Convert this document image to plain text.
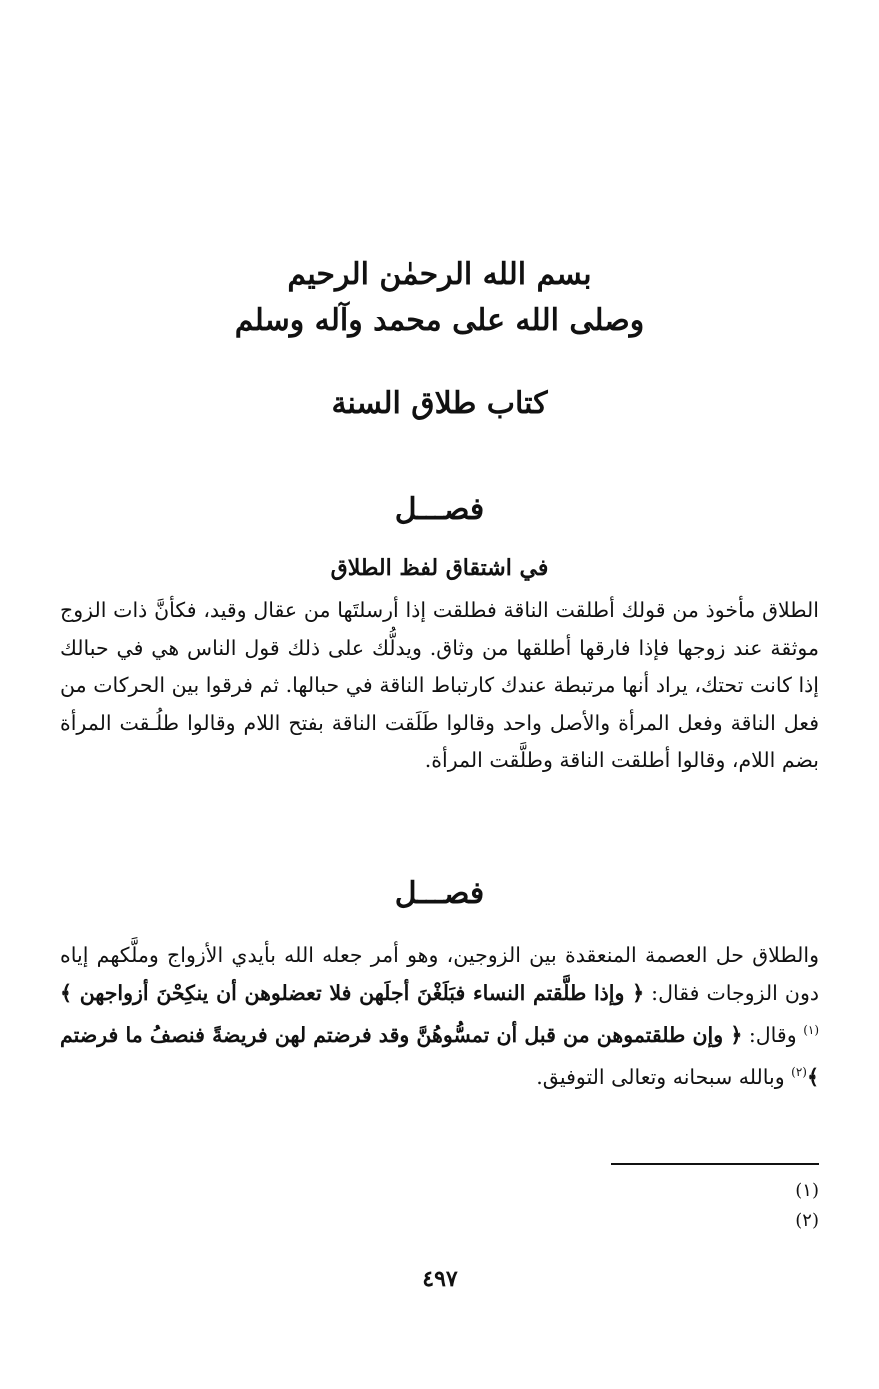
بسم الله الرحمٰن الرحيم
وصلى الله على محمد وآله وسلم
كتاب طلاق السنة
فصـــل
في اشتقاق لفظ الطلاق

الطلاق مأخوذ من قولك أطلقت الناقة فطلقت إذا أرسلتَها من عقال وقيد، فكأنَّ ذات الزوج موثقة عند زوجها فإذا فارقها أطلقها من وثاق. ويدلُّك على ذلك قول الناس هي في حبالك إذا كانت تحتك، يراد أنها مرتبطة عندك كارتباط الناقة في حبالها. ثم فرقوا بين الحركات من فعل الناقة وفعل المرأة والأصل واحد وقالوا طَلَقت الناقة بفتح اللام وقالوا طلُـقت المرأة بضم اللام، وقالوا أطلقت الناقة وطلَّقت المرأة.

فصـــل

والطلاق حل العصمة المنعقدة بين الزوجين، وهو أمر جعله الله بأيدي الأزواج وملَّكهم إياه دون الزوجات فقال: ﴿ وإذا طلَّقتم النساء فبَلَغْنَ أجلَهن فلا تعضلوهن أن ينكِحْنَ أزواجهن ﴾$^{(١)}$ وقال: ﴿ وإن طلقتموهن من قبل أن تمسُّوهُنَّ وقد فرضتم لهن فريضةً فنصفُ ما فرضتم ﴾$^{(٢)}$ وبالله سبحانه وتعالى التوفيق.

(١)
(٢)
٤٩٧
